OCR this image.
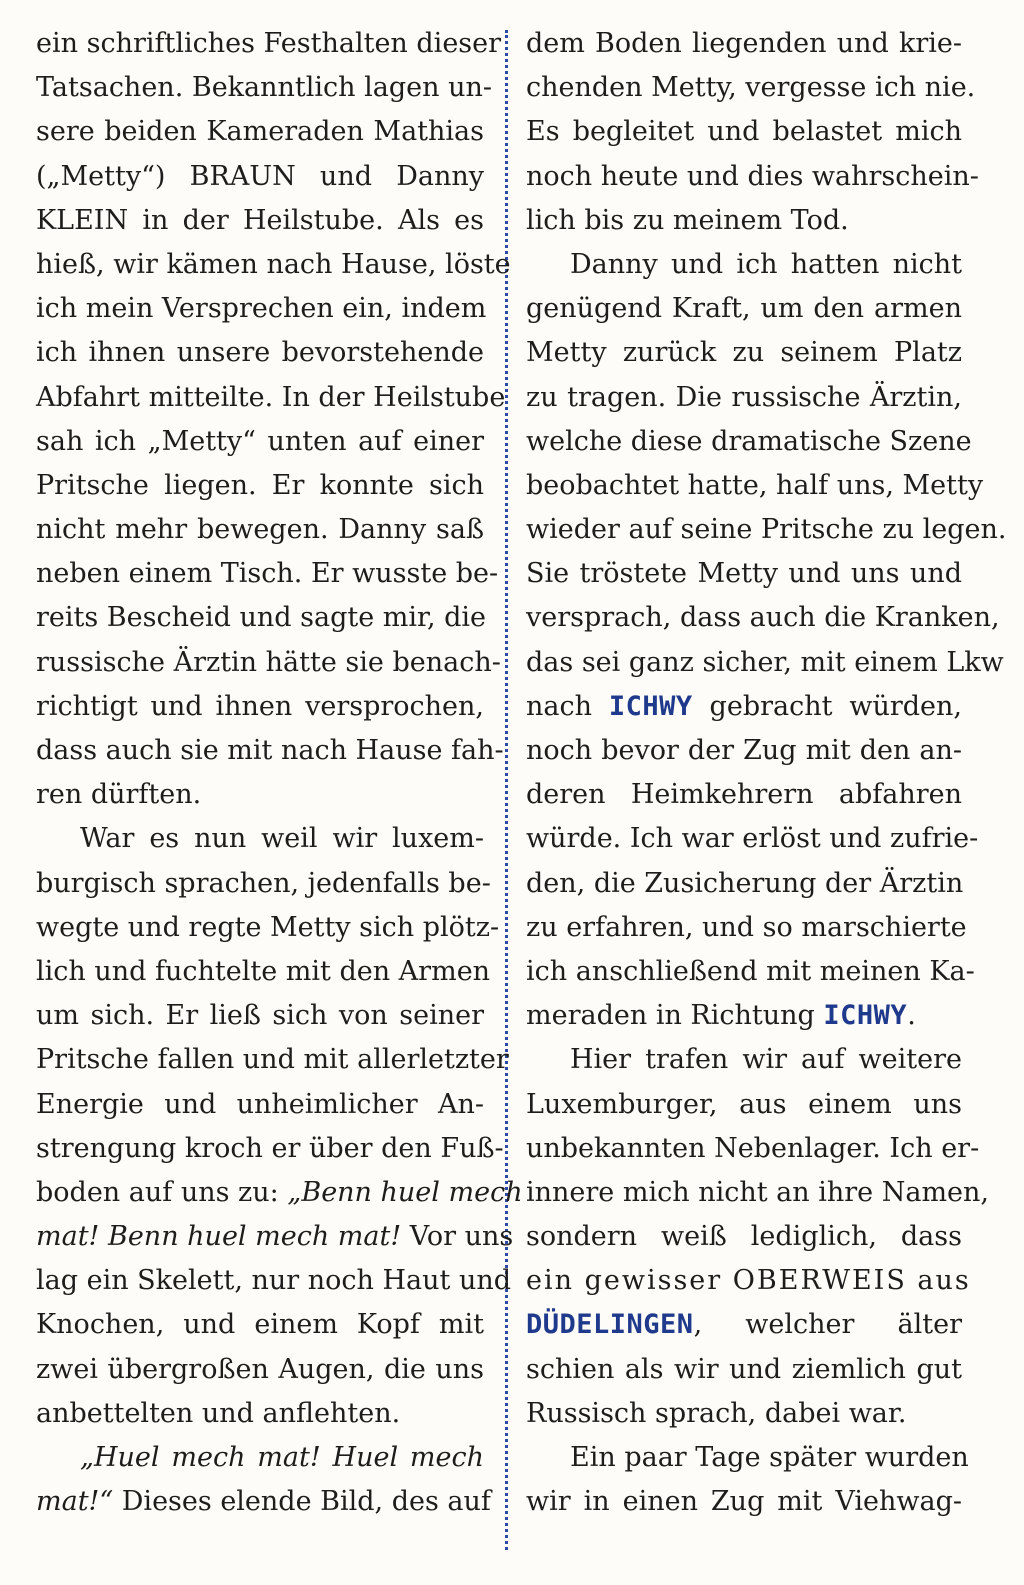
ein schriftliches Festhalten dieser
Tatsachen. Bekanntlich lagen un-
sere beiden Kameraden Mathias
(„Metty“) BRAUN und Danny
KLEIN in der Heilstube. Als es
hieß, wir kämen nach Hause, löste
ich mein Versprechen ein, indem
ich ihnen unsere bevorstehende
Abfahrt mitteilte. In der Heilstube
sah ich „Metty“ unten auf einer
Pritsche liegen. Er konnte sich
nicht mehr bewegen. Danny saß
neben einem Tisch. Er wusste be-
reits Bescheid und sagte mir, die
russische Ärztin hätte sie benach-
richtigt und ihnen versprochen,
dass auch sie mit nach Hause fah-
ren dürften.
War es nun weil wir luxem-
burgisch sprachen, jedenfalls be-
wegte und regte Metty sich plötz-
lich und fuchtelte mit den Armen
um sich. Er ließ sich von seiner
Pritsche fallen und mit allerletzter
Energie und unheimlicher An-
strengung kroch er über den Fuß-
boden auf uns zu: „Benn huel mech
mat! Benn huel mech mat! Vor uns
lag ein Skelett, nur noch Haut und
Knochen, und einem Kopf mit
zwei übergroßen Augen, die uns
anbettelten und anflehten.
„Huel mech mat! Huel mech
mat!“ Dieses elende Bild, des auf
dem Boden liegenden und krie-
chenden Metty, vergesse ich nie.
Es begleitet und belastet mich
noch heute und dies wahrschein-
lich bis zu meinem Tod.
Danny und ich hatten nicht
genügend Kraft, um den armen
Metty zurück zu seinem Platz
zu tragen. Die russische Ärztin,
welche diese dramatische Szene
beobachtet hatte, half uns, Metty
wieder auf seine Pritsche zu legen.
Sie tröstete Metty und uns und
versprach, dass auch die Kranken,
das sei ganz sicher, mit einem Lkw
nach ICHWY gebracht würden,
noch bevor der Zug mit den an-
deren Heimkehrern abfahren
würde. Ich war erlöst und zufrie-
den, die Zusicherung der Ärztin
zu erfahren, und so marschierte
ich anschließend mit meinen Ka-
meraden in Richtung ICHWY.
Hier trafen wir auf weitere
Luxemburger, aus einem uns
unbekannten Nebenlager. Ich er-
innere mich nicht an ihre Namen,
sondern weiß lediglich, dass
ein gewisser OBERWEIS aus
DÜDELINGEN, welcher älter
schien als wir und ziemlich gut
Russisch sprach, dabei war.
Ein paar Tage später wurden
wir in einen Zug mit Viehwag-
